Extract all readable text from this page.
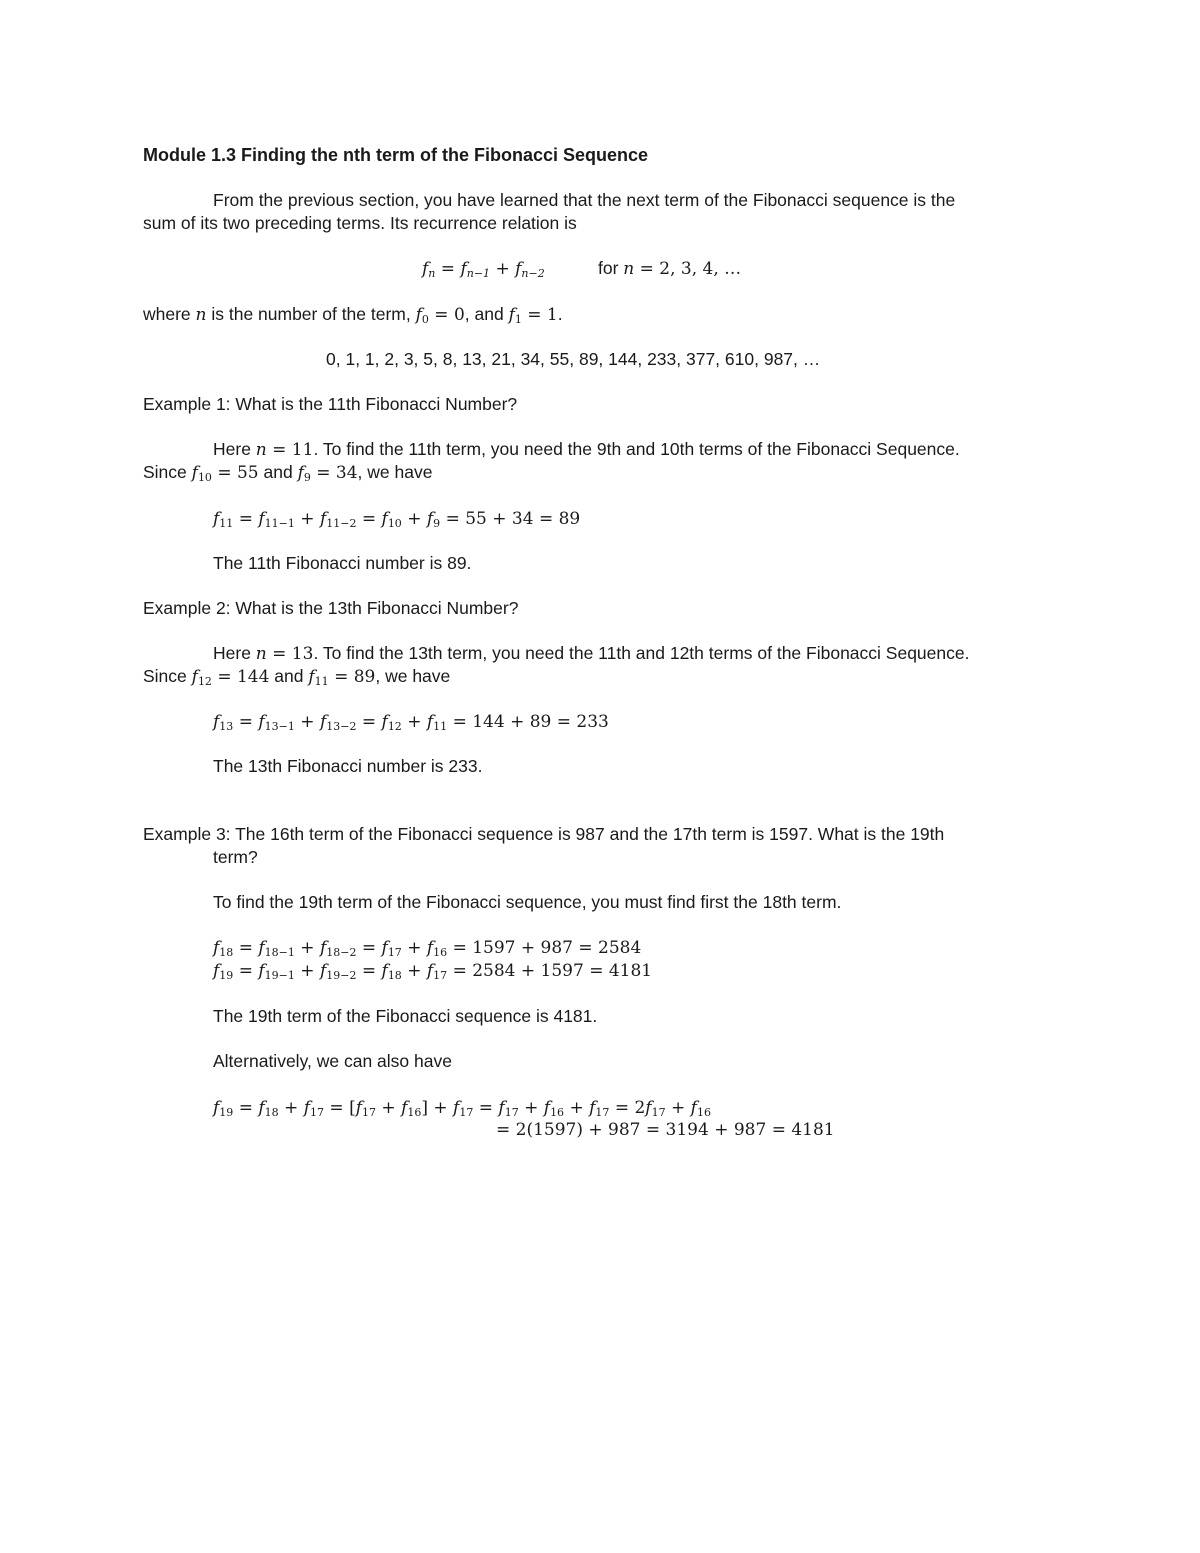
Module 1.3 Finding the nth term of the Fibonacci Sequence
From the previous section, you have learned that the next term of the Fibonacci sequence is the
sum of its two preceding terms. Its recurrence relation is
$f_n = f_{n-1} + f_{n-2}$	for n = 2, 3, 4, …
where n is the number of the term, $f_0 = 0$, and $f_1 = 1$.
0, 1, 1, 2, 3, 5, 8, 13, 21, 34, 55, 89, 144, 233, 377, 610, 987, …
Example 1: What is the 11th Fibonacci Number?
Here n = 11. To find the 11th term, you need the 9th and 10th terms of the Fibonacci Sequence.
Since $f_{10} = 55$ and $f_9 = 34$, we have
$f_{11} = f_{11-1} + f_{11-2} = f_{10} + f_9 = 55 + 34 = 89$
The 11th Fibonacci number is 89.
Example 2: What is the 13th Fibonacci Number?
Here n = 13. To find the 13th term, you need the 11th and 12th terms of the Fibonacci Sequence.
Since $f_{12} = 144$ and $f_{11} = 89$, we have
$f_{13} = f_{13-1} + f_{13-2} = f_{12} + f_{11} = 144 + 89 = 233$
The 13th Fibonacci number is 233.
Example 3: The 16th term of the Fibonacci sequence is 987 and the 17th term is 1597. What is the 19th
term?
To find the 19th term of the Fibonacci sequence, you must find first the 18th term.
$f_{18} = f_{18-1} + f_{18-2} = f_{17} + f_{16} = 1597 + 987 = 2584$
$f_{19} = f_{19-1} + f_{19-2} = f_{18} + f_{17} = 2584 + 1597 = 4181$
The 19th term of the Fibonacci sequence is 4181.
Alternatively, we can also have
$f_{19} = f_{18} + f_{17} = [f_{17} + f_{16}] + f_{17} = f_{17} + f_{16} + f_{17} = 2f_{17} + f_{16}$
= 2(1597) + 987 = 3194 + 987 = 4181
